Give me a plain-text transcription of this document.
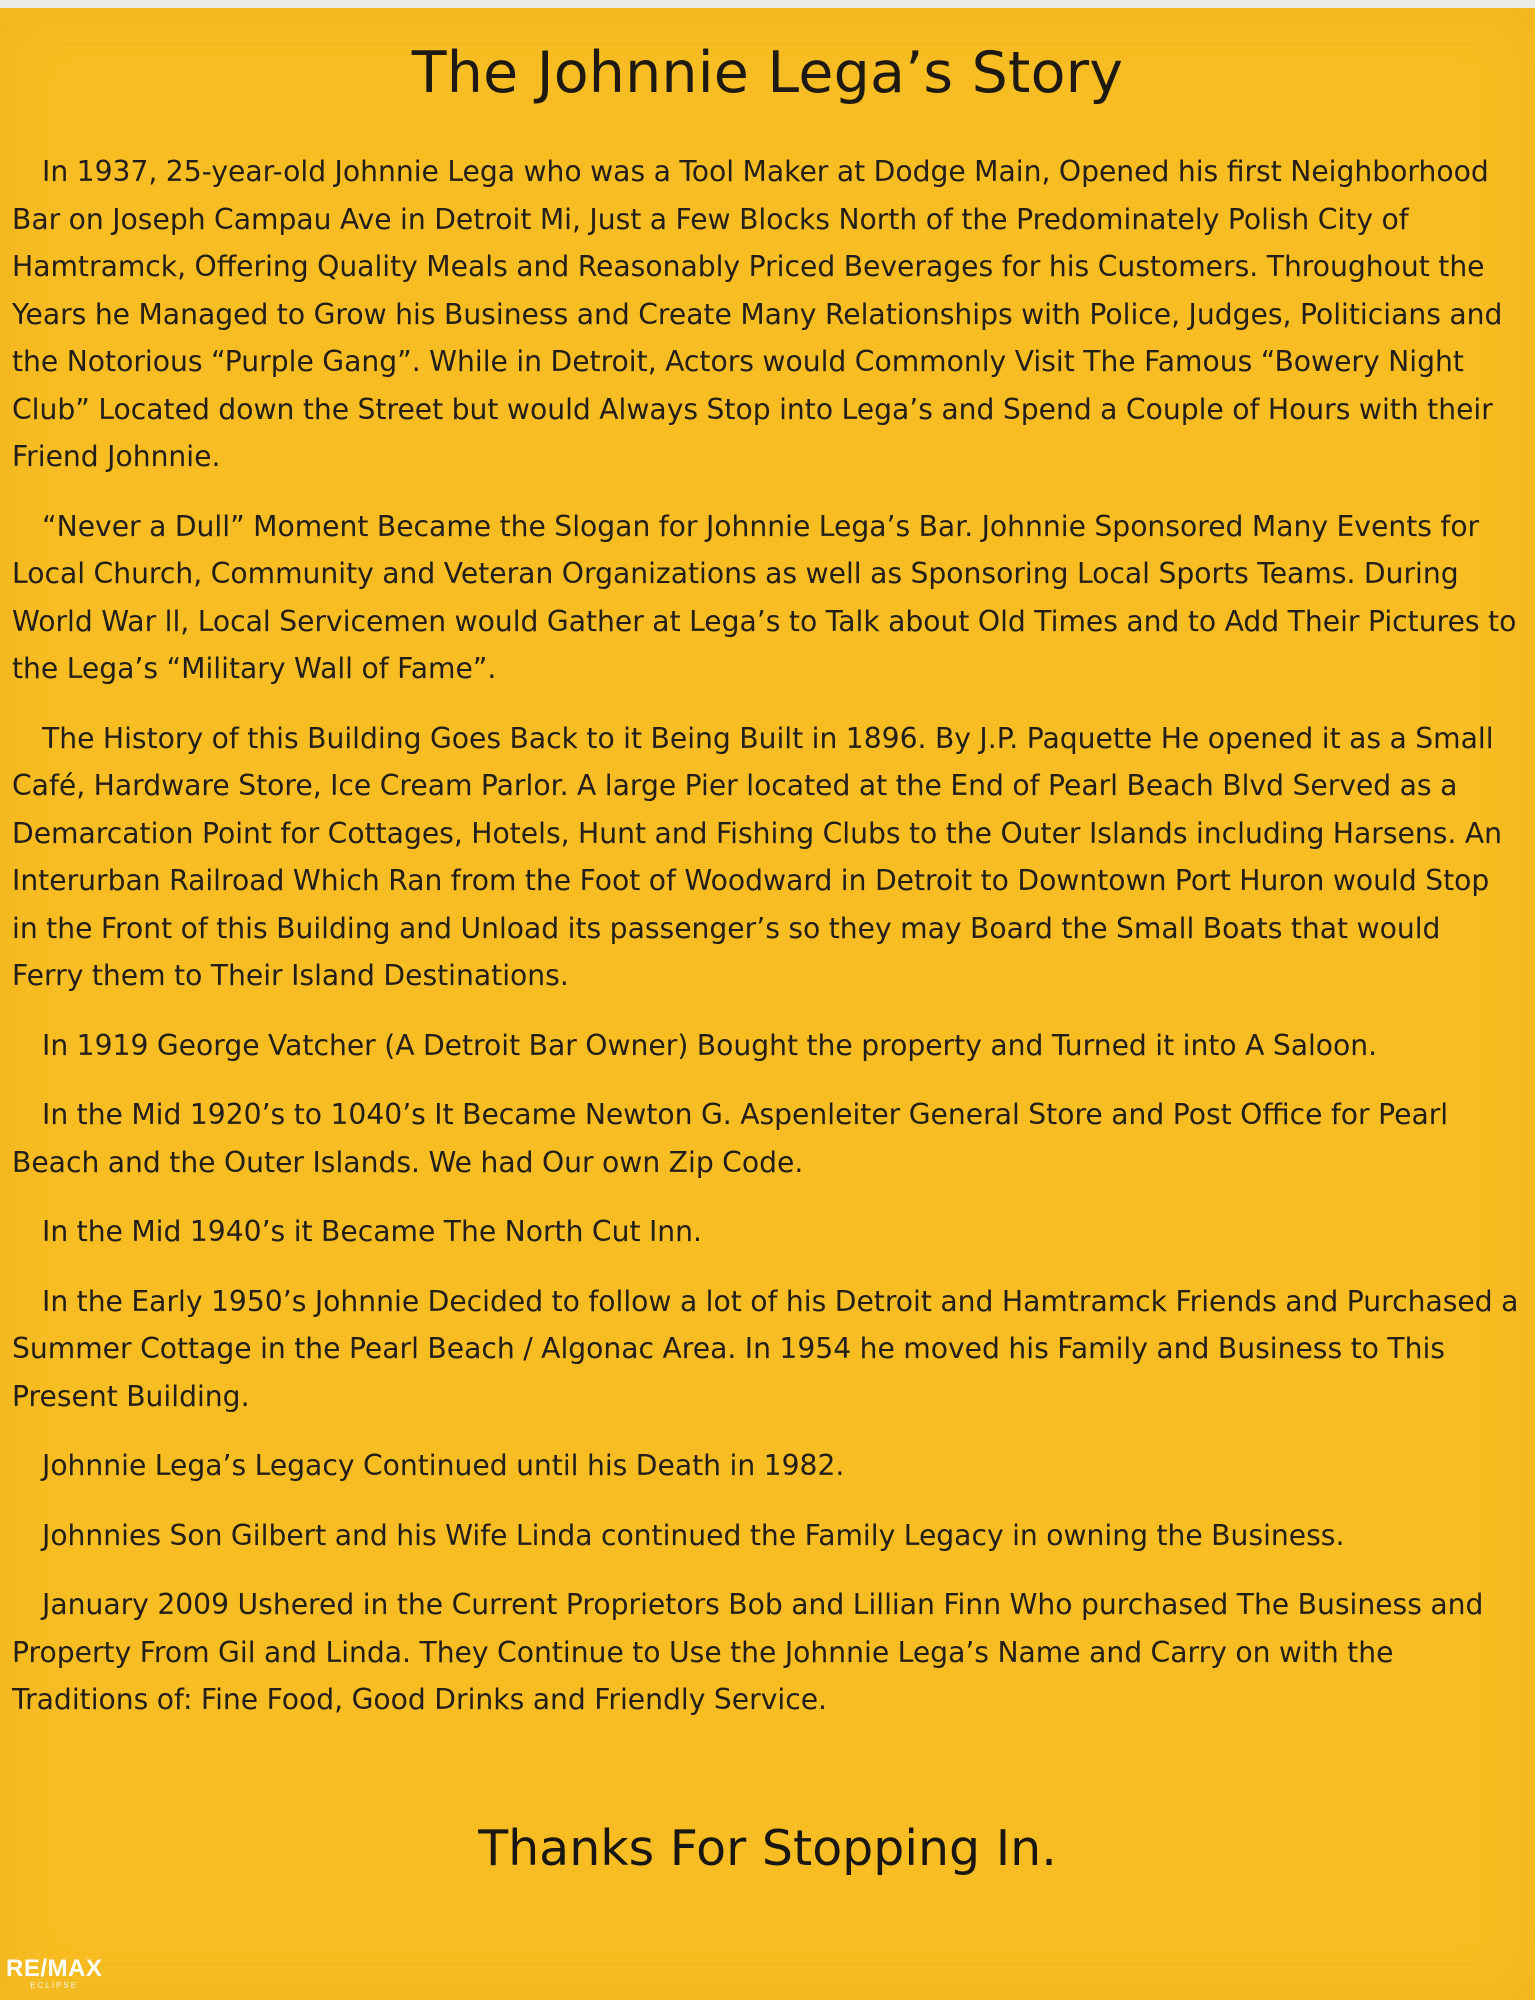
The Johnnie Lega’s Story

In 1937, 25-year-old Johnnie Lega who was a Tool Maker at Dodge Main, Opened his first Neighborhood Bar on Joseph Campau Ave in Detroit Mi, Just a Few Blocks North of the Predominately Polish City of Hamtramck, Offering Quality Meals and Reasonably Priced Beverages for his Customers. Throughout the Years he Managed to Grow his Business and Create Many Relationships with Police, Judges, Politicians and the Notorious “Purple Gang”. While in Detroit, Actors would Commonly Visit The Famous “Bowery Night Club” Located down the Street but would Always Stop into Lega’s and Spend a Couple of Hours with their Friend Johnnie.

“Never a Dull” Moment Became the Slogan for Johnnie Lega’s Bar. Johnnie Sponsored Many Events for Local Church, Community and Veteran Organizations as well as Sponsoring Local Sports Teams. During World War ll, Local Servicemen would Gather at Lega’s to Talk about Old Times and to Add Their Pictures to the Lega’s “Military Wall of Fame”.

The History of this Building Goes Back to it Being Built in 1896. By J.P. Paquette He opened it as a Small Café, Hardware Store, Ice Cream Parlor. A large Pier located at the End of Pearl Beach Blvd Served as a Demarcation Point for Cottages, Hotels, Hunt and Fishing Clubs to the Outer Islands including Harsens. An Interurban Railroad Which Ran from the Foot of Woodward in Detroit to Downtown Port Huron would Stop in the Front of this Building and Unload its passenger’s so they may Board the Small Boats that would Ferry them to Their Island Destinations.

In 1919 George Vatcher (A Detroit Bar Owner) Bought the property and Turned it into A Saloon.

In the Mid 1920’s to 1040’s It Became Newton G. Aspenleiter General Store and Post Office for Pearl Beach and the Outer Islands. We had Our own Zip Code.

In the Mid 1940’s it Became The North Cut Inn.

In the Early 1950’s Johnnie Decided to follow a lot of his Detroit and Hamtramck Friends and Purchased a Summer Cottage in the Pearl Beach / Algonac Area. In 1954 he moved his Family and Business to This Present Building.

Johnnie Lega’s Legacy Continued until his Death in 1982.

Johnnies Son Gilbert and his Wife Linda continued the Family Legacy in owning the Business.

January 2009 Ushered in the Current Proprietors Bob and Lillian Finn Who purchased The Business and Property From Gil and Linda. They Continue to Use the Johnnie Lega’s Name and Carry on with the Traditions of: Fine Food, Good Drinks and Friendly Service.

Thanks For Stopping In.
RE/MAX
ECLIPSE
